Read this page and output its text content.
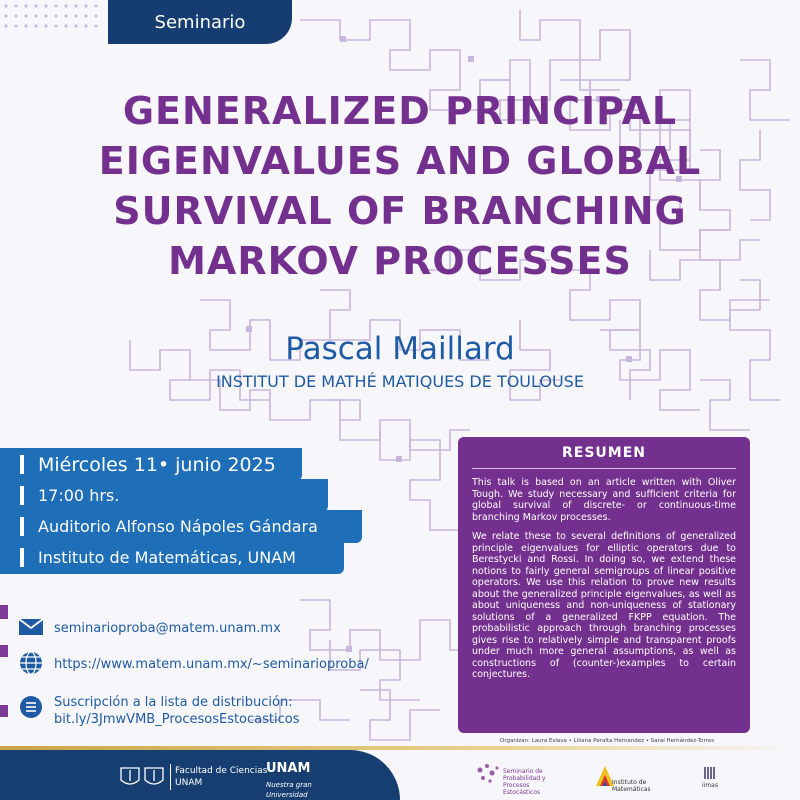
Seminario
GENERALIZED PRINCIPAL
EIGENVALUES AND GLOBAL
SURVIVAL OF BRANCHING
MARKOV PROCESSES
Pascal Maillard
INSTITUT DE MATHÉ MATIQUES DE TOULOUSE
Miércoles 11• junio 2025
17:00 hrs.
Auditorio Alfonso Nápoles Gándara
Instituto de Matemáticas, UNAM
seminarioproba@matem.unam.mx
https://www.matem.unam.mx/~seminarioproba/
Suscripción a la lista de distribución:
bit.ly/3JmwVMB_ProcesosEstocasticos
RESUMEN

This talk is based on an article written with Oliver Tough. We study necessary and sufficient criteria for global survival of discrete- or continuous-time branching Markov processes.

We relate these to several definitions of generalized principle eigenvalues for elliptic operators due to Berestycki and Rossi. In doing so, we extend these notions to fairly general semigroups of linear positive operators. We use this relation to prove new results about the generalized principle eigenvalues, as well as about uniqueness and non-uniqueness of stationary solutions of a generalized FKPP equation. The probabilistic approach through branching processes gives rise to relatively simple and transparent proofs under much more general assumptions, as well as constructions of (counter-)examples to certain conjectures.

Organizan: Laura Eslava • Liliana Peralta Hernandez • Saraí Hernández-Torres
Facultad de Ciencias
UNAM
UNAM
Nuestra gran Universidad
Seminario de Probabilidad y Procesos Estocásticos
Instituto de Matemáticas
iimas
